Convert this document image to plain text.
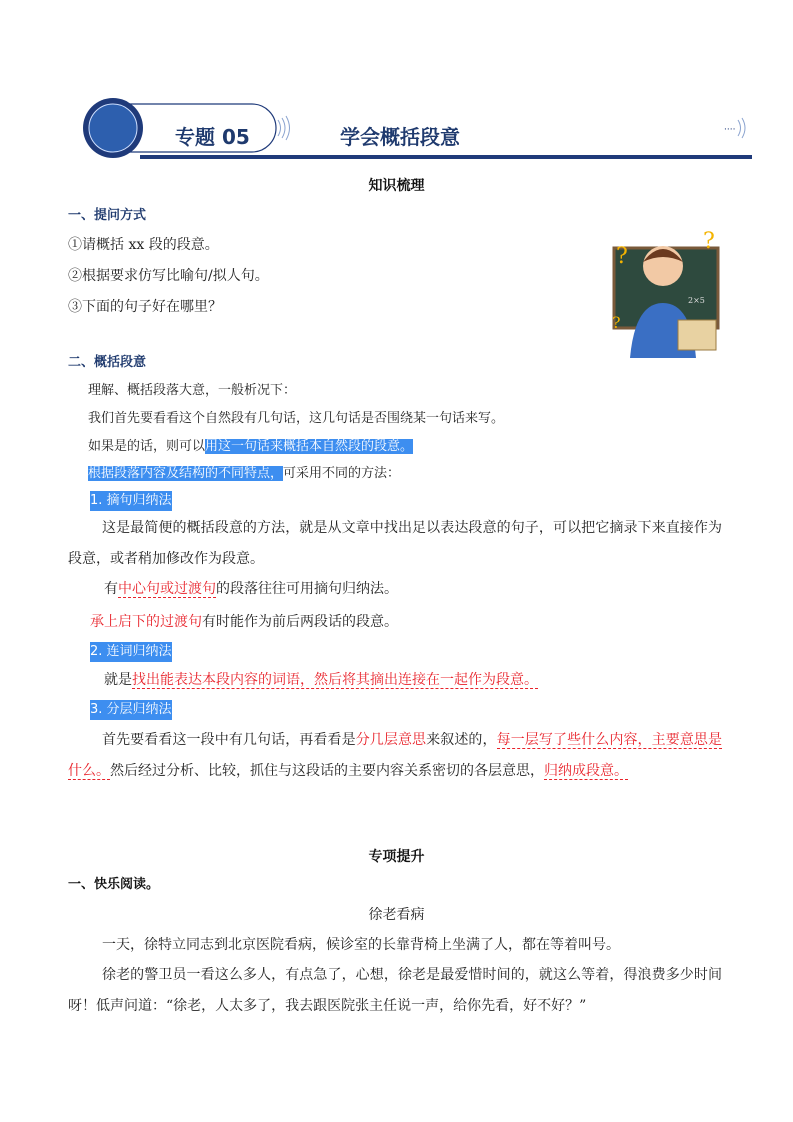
····
专题 05	学会概括段意
知识梳理
一、提问方式
①请概括 xx 段的段意。
②根据要求仿写比喻句/拟人句。
③下面的句子好在哪里？
?
?
?
2×5
二、概括段意
理解、概括段落大意，一般析况下：
我们首先要看看这个自然段有几句话，这几句话是否围绕某一句话来写。
如果是的话，则可以用这一句话来概括本自然段的段意。
根据段落内容及结构的不同特点，可采用不同的方法：
1. 摘句归纳法
这是最简便的概括段意的方法，就是从文章中找出足以表达段意的句子，可以把它摘录下来直接作为段意，或者稍加修改作为段意。
有中心句或过渡句的段落往往可用摘句归纳法。
承上启下的过渡句有时能作为前后两段话的段意。
2. 连词归纳法
就是找出能表达本段内容的词语，然后将其摘出连接在一起作为段意。
3. 分层归纳法
首先要看看这一段中有几句话，再看看是分几层意思来叙述的，每一层写了些什么内容，主要意思是什么。然后经过分析、比较，抓住与这段话的主要内容关系密切的各层意思，归纳成段意。
专项提升
一、快乐阅读。
徐老看病
一天，徐特立同志到北京医院看病，候诊室的长靠背椅上坐满了人，都在等着叫号。
徐老的警卫员一看这么多人，有点急了，心想，徐老是最爱惜时间的，就这么等着，得浪费多少时间呀！低声问道：“徐老，人太多了，我去跟医院张主任说一声，给你先看，好不好？”
